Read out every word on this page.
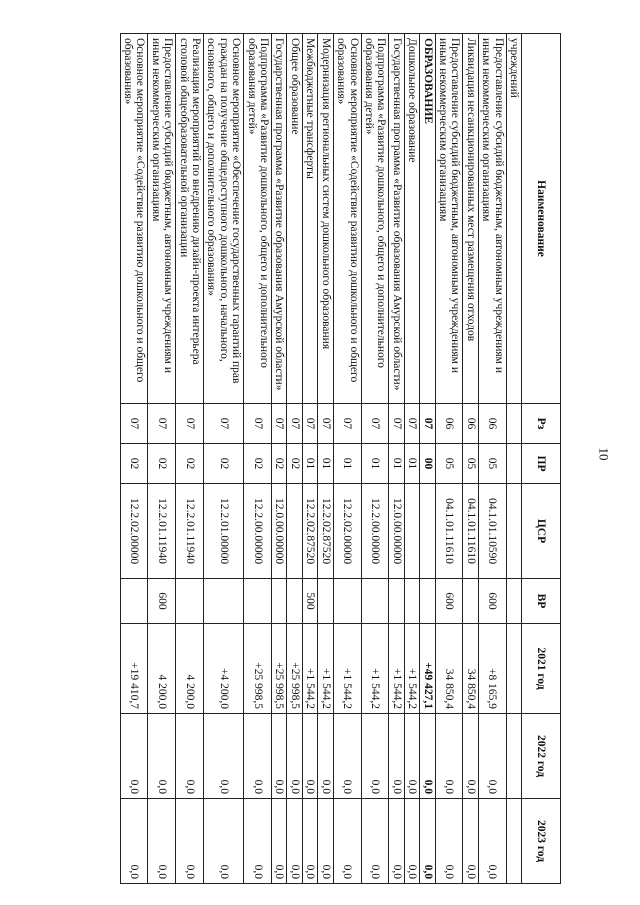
10
Наименование	Рз	ПР	ЦСР	ВР	2021 год	2022 год	2023 год
учреждений							
Предоставление субсидий бюджетным, автономным учреждениям и иным некоммерческим организациям	06	05	04.1.01.10590	600	+8 165,9	0,0	0,0
Ликвидация несанкционированных мест размещения отходов	06	05	04.1.01.11610		34 850,4	0,0	0,0
Предоставление субсидий бюджетным, автономным учреждениям и иным некоммерческим организациям	06	05	04.1.01.11610	600	34 850,4	0,0	0,0
ОБРАЗОВАНИЕ	07	00			+49 427,1	0,0	0,0
Дошкольное образование	07	01			+1 544,2	0,0	0,0
Государственная программа «Развитие образования Амурской области»	07	01	12.0.00.00000		+1 544,2	0,0	0,0
Подпрограмма «Развитие дошкольного, общего и дополнительного образования детей»	07	01	12.2.00.00000		+1 544,2	0,0	0,0
Основное мероприятие «Содействие развитию дошкольного и общего образования»	07	01	12.2.02.00000		+1 544,2	0,0	0,0
Модернизация региональных систем дошкольного образования	07	01	12.2.02.87520		+1 544,2	0,0	0,0
Межбюджетные трансферты	07	01	12.2.02.87520	500	+1 544,2	0,0	0,0
Общее образование	07	02			+25 998,5	0,0	0,0
Государственная программа «Развитие образования Амурской области»	07	02	12.0.00.00000		+25 998,5	0,0	0,0
Подпрограмма «Развитие дошкольного, общего и дополнительного образования детей»	07	02	12.2.00.00000		+25 998,5	0,0	0,0
Основное мероприятие «Обеспечение государственных гарантий прав граждан на получение общедоступного дошкольного, начального, основного, общего и дополнительного образования»	07	02	12.2.01.00000		+4 200,0	0,0	0,0
Реализация мероприятий по внедрению дизайн-проекта интерьера столовой общеобразовательной организации	07	02	12.2.01.11940		4 200,0	0,0	0,0
Предоставление субсидий бюджетным, автономным учреждениям и иным некоммерческим организациям	07	02	12.2.01.11940	600	4 200,0	0,0	0,0
Основное мероприятие «Содействие развитию дошкольного и общего образования»	07	02	12.2.02.00000		+19 410,7	0,0	0,0
